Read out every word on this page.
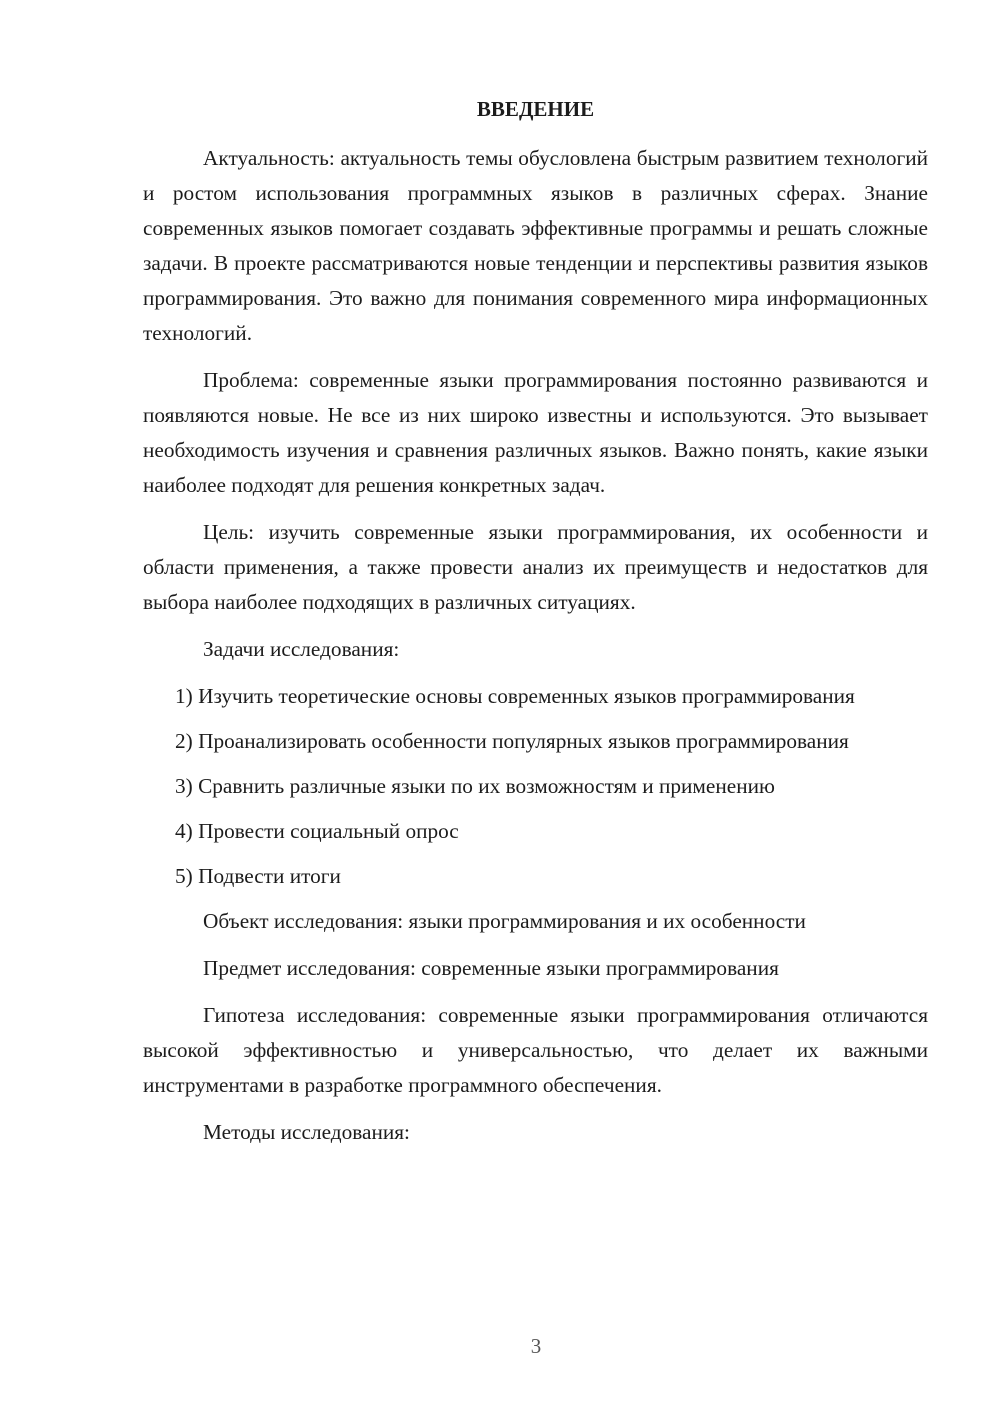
ВВЕДЕНИЕ

Актуальность: актуальность темы обусловлена быстрым развитием технологий и ростом использования программных языков в различных сферах. Знание современных языков помогает создавать эффективные программы и решать сложные задачи. В проекте рассматриваются новые тенденции и перспективы развития языков программирования. Это важно для понимания современного мира информационных технологий.

Проблема: современные языки программирования постоянно развиваются и появляются новые. Не все из них широко известны и используются. Это вызывает необходимость изучения и сравнения различных языков. Важно понять, какие языки наиболее подходят для решения конкретных задач.

Цель: изучить современные языки программирования, их особенности и области применения, а также провести анализ их преимуществ и недостатков для выбора наиболее подходящих в различных ситуациях.

Задачи исследования:

1) Изучить теоретические основы современных языков программирования

2) Проанализировать особенности популярных языков программирования

3) Сравнить различные языки по их возможностям и применению

4) Провести социальный опрос

5) Подвести итоги

Объект исследования: языки программирования и их особенности

Предмет исследования: современные языки программирования

Гипотеза исследования: современные языки программирования отличаются высокой эффективностью и универсальностью, что делает их важными инструментами в разработке программного обеспечения.

Методы исследования:

3
